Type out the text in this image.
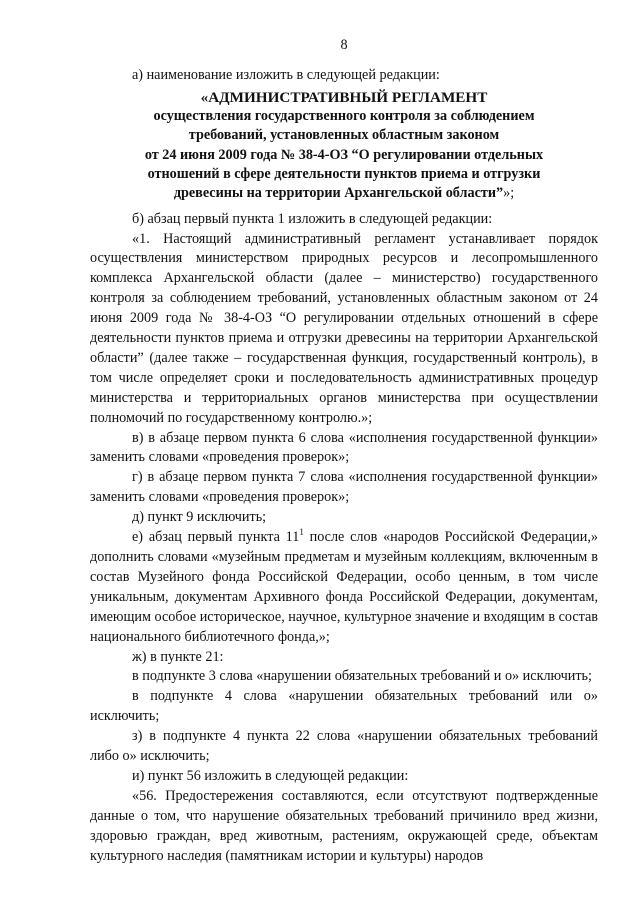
8

а) наименование изложить в следующей редакции:

«АДМИНИСТРАТИВНЫЙ РЕГЛАМЕНТ
осуществления государственного контроля за соблюдением
требований, установленных областным законом
от 24 июня 2009 года № 38-4-ОЗ “О регулировании отдельных
отношений в сфере деятельности пунктов приема и отгрузки
древесины на территории Архангельской области”»;

б) абзац первый пункта 1 изложить в следующей редакции:

«1. Настоящий административный регламент устанавливает порядок осуществления министерством природных ресурсов и лесопромышленного комплекса Архангельской области (далее – министерство) государственного контроля за соблюдением требований, установленных областным законом от 24 июня 2009 года № 38-4-ОЗ “О регулировании отдельных отношений в сфере деятельности пунктов приема и отгрузки древесины на территории Архангельской области” (далее также – государственная функция, государственный контроль), в том числе определяет сроки и последовательность административных процедур министерства и территориальных органов министерства при осуществлении полномочий по государственному контролю.»;

в) в абзаце первом пункта 6 слова «исполнения государственной функции» заменить словами «проведения проверок»;

г) в абзаце первом пункта 7 слова «исполнения государственной функции» заменить словами «проведения проверок»;

д) пункт 9 исключить;

е) абзац первый пункта $11^1$ после слов «народов Российской Федерации,» дополнить словами «музейным предметам и музейным коллекциям, включенным в состав Музейного фонда Российской Федерации, особо ценным, в том числе уникальным, документам Архивного фонда Российской Федерации, документам, имеющим особое историческое, научное, культурное значение и входящим в состав национального библиотечного фонда,»;

ж) в пункте 21:

в подпункте 3 слова «нарушении обязательных требований и о» исключить;

в подпункте 4 слова «нарушении обязательных требований или о» исключить;

з) в подпункте 4 пункта 22 слова «нарушении обязательных требований либо о» исключить;

и) пункт 56 изложить в следующей редакции:

«56. Предостережения составляются, если отсутствуют подтвержденные данные о том, что нарушение обязательных требований причинило вред жизни, здоровью граждан, вред животным, растениям, окружающей среде, объектам культурного наследия (памятникам истории и культуры) народов
